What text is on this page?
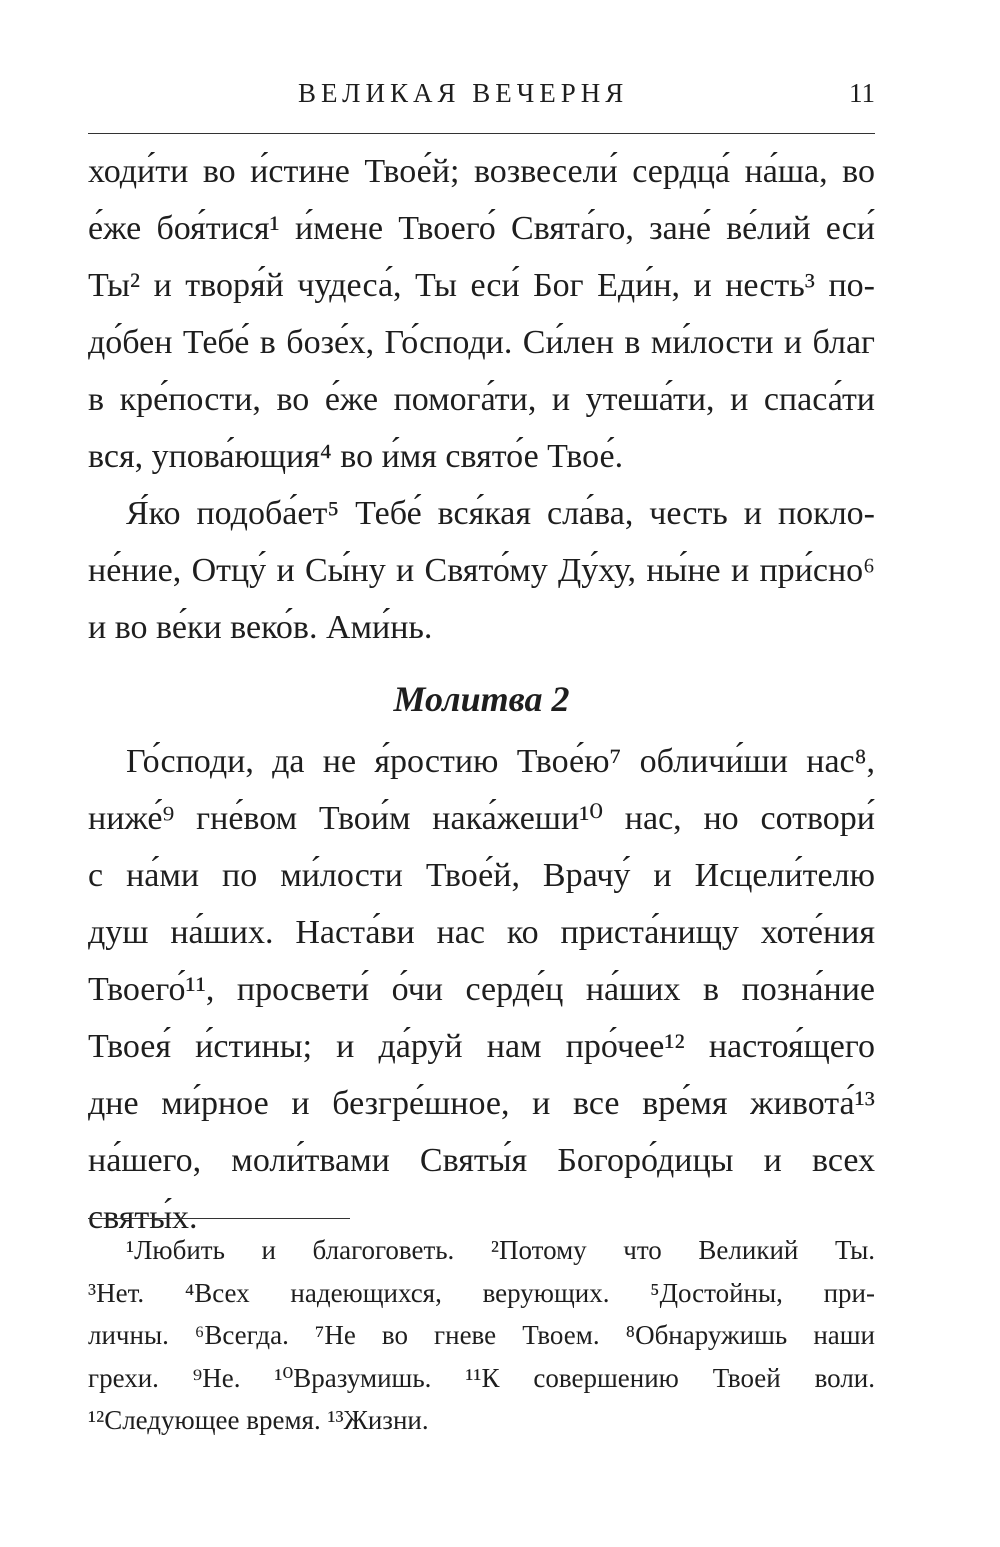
ВЕЛИКАЯ ВЕЧЕРНЯ	11
ходи́ти во и́стине Твое́й; возвесели́ сердца́ на́ша, во
е́же боя́тися¹ и́мене Твоего́ Свята́го, зане́ ве́лий еси́
Ты² и творя́й чудеса́, Ты еси́ Бог Еди́н, и несть³ по-
до́бен Тебе́ в бозе́х, Го́споди. Си́лен в ми́лости и благ
в кре́пости, во е́же помога́ти, и утеша́ти, и спаса́ти
вся, упова́ющия⁴ во и́мя свято́е Твое́.
Я́ко подоба́ет⁵ Тебе́ вся́кая сла́ва, честь и покло-
не́ние, Отцу́ и Сы́ну и Свято́му Ду́ху, ны́не и при́сно⁶
и во ве́ки веко́в. Ами́нь.
Молитва 2
Го́споди, да не я́ростию Твое́ю⁷ обличи́ши нас⁸,
ниже́⁹ гне́вом Твои́м нака́жеши¹⁰ нас, но сотвори́
с на́ми по ми́лости Твое́й, Врачу́ и Исцели́телю
душ на́ших. Наста́ви нас ко приста́нищу хоте́ния
Твоего́¹¹, просвети́ о́чи серде́ц на́ших в позна́ние
Твоея́ и́стины; и да́руй нам про́чее¹² настоя́щего
дне ми́рное и безгре́шное, и все вре́мя живота́¹³
на́шего, моли́твами Святы́я Богоро́дицы и всех
святы́х.
¹Любить и благоговеть. ²Потому что Великий Ты.
³Нет. ⁴Всех надеющихся, верующих. ⁵Достойны, при-
личны. ⁶Всегда. ⁷Не во гневе Твоем. ⁸Обнаружишь наши
грехи. ⁹Не. ¹⁰Вразумишь. ¹¹К совершению Твоей воли.
¹²Следующее время. ¹³Жизни.
